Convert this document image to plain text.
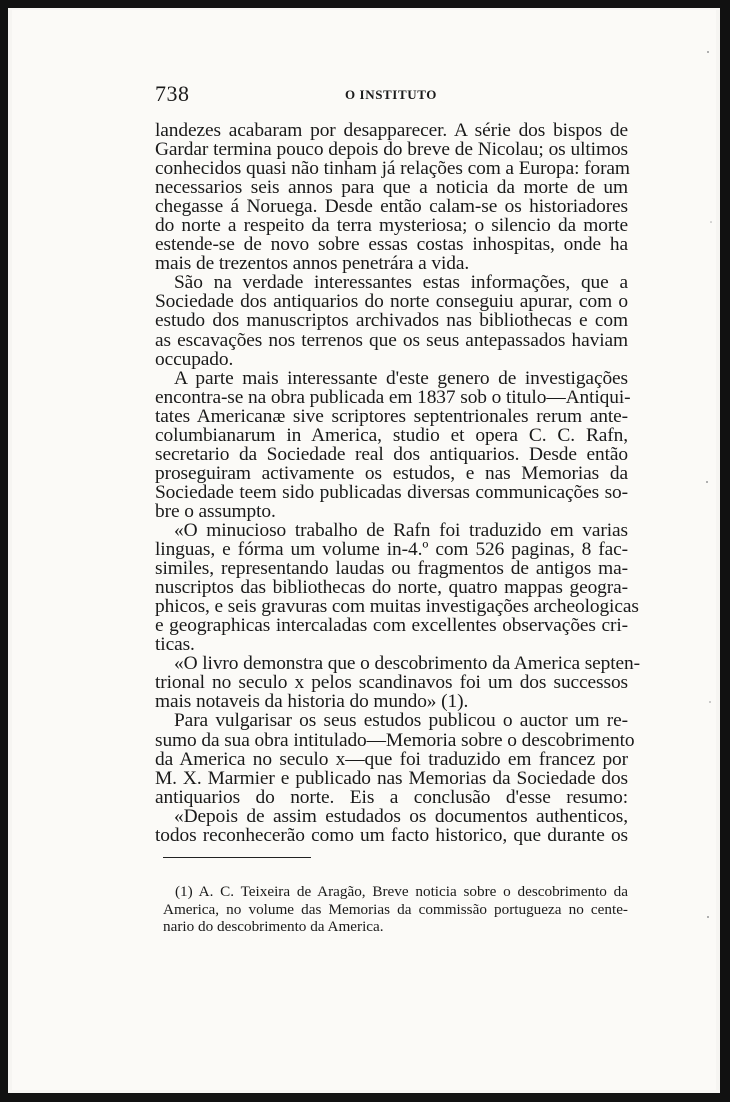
738	O INSTITUTO
landezes acabaram por desapparecer. A série dos bispos de
Gardar termina pouco depois do breve de Nicolau; os ultimos
conhecidos quasi não tinham já relações com a Europa: foram
necessarios seis annos para que a noticia da morte de um
chegasse á Noruega. Desde então calam-se os historiadores
do norte a respeito da terra mysteriosa; o silencio da morte
estende-se de novo sobre essas costas inhospitas, onde ha
mais de trezentos annos penetrára a vida.
São na verdade interessantes estas informações, que a
Sociedade dos antiquarios do norte conseguiu apurar, com o
estudo dos manuscriptos archivados nas bibliothecas e com
as escavações nos terrenos que os seus antepassados haviam
occupado.
A parte mais interessante d'este genero de investigações
encontra-se na obra publicada em 1837 sob o titulo—Antiqui-
tates Americanæ sive scriptores septentrionales rerum ante-
columbianarum in America, studio et opera C. C. Rafn,
secretario da Sociedade real dos antiquarios. Desde então
proseguiram activamente os estudos, e nas Memorias da
Sociedade teem sido publicadas diversas communicações so-
bre o assumpto.
«O minucioso trabalho de Rafn foi traduzido em varias
linguas, e fórma um volume in-4.º com 526 paginas, 8 fac-
similes, representando laudas ou fragmentos de antigos ma-
nuscriptos das bibliothecas do norte, quatro mappas geogra-
phicos, e seis gravuras com muitas investigações archeologicas
e geographicas intercaladas com excellentes observações cri-
ticas.
«O livro demonstra que o descobrimento da America septen-
trional no seculo x pelos scandinavos foi um dos successos
mais notaveis da historia do mundo» (1).
Para vulgarisar os seus estudos publicou o auctor um re-
sumo da sua obra intitulado—Memoria sobre o descobrimento
da America no seculo x—que foi traduzido em francez por
M. X. Marmier e publicado nas Memorias da Sociedade dos
antiquarios do norte. Eis a conclusão d'esse resumo:
«Depois de assim estudados os documentos authenticos,
todos reconhecerão como um facto historico, que durante os
(1) A. C. Teixeira de Aragão, Breve noticia sobre o descobrimento da
America, no volume das Memorias da commissão portugueza no cente-
nario do descobrimento da America.
